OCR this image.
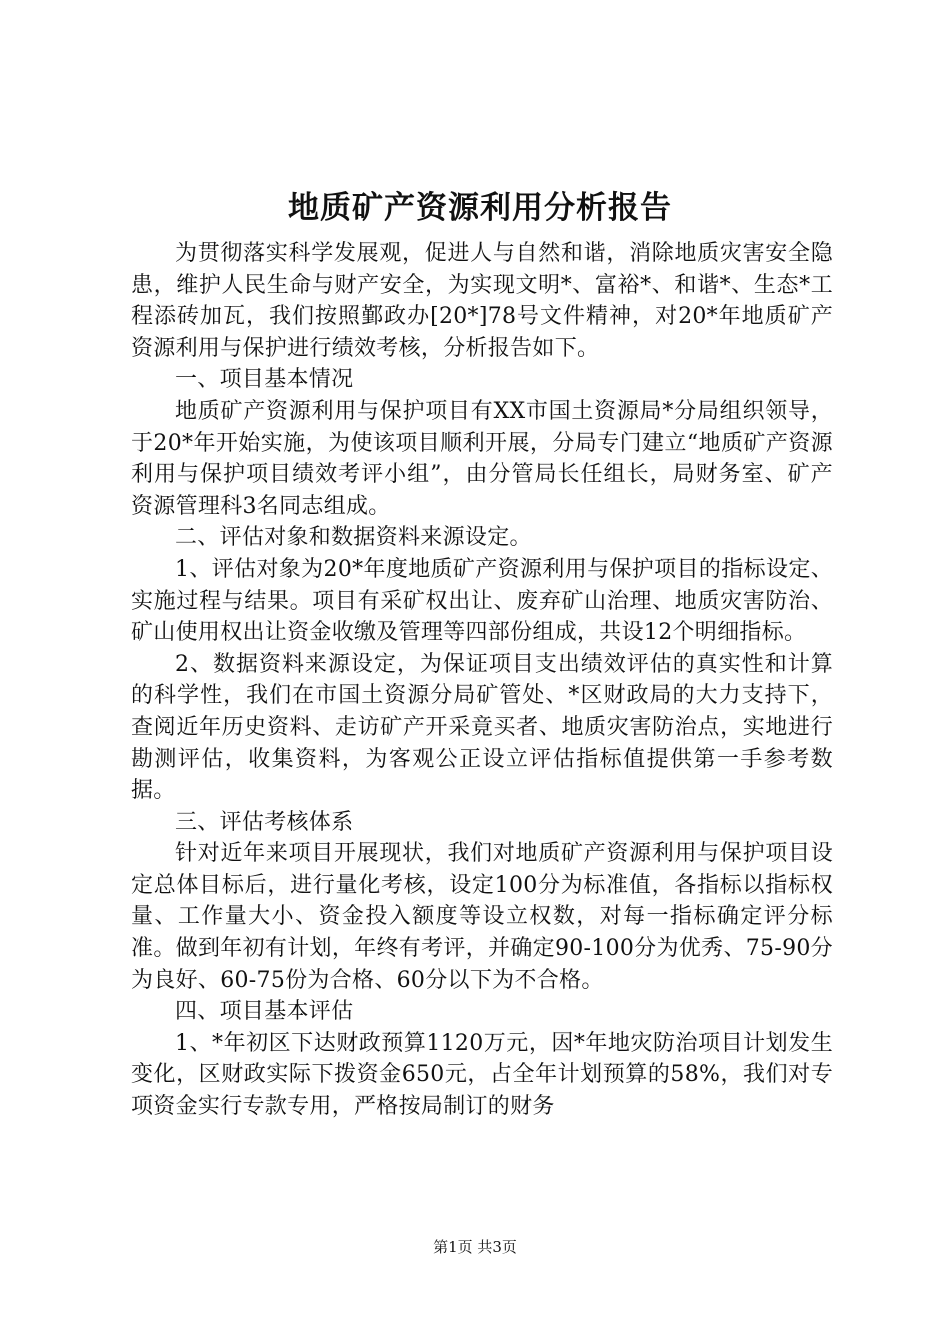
地质矿产资源利用分析报告

为贯彻落实科学发展观，促进人与自然和谐，消除地质灾害安全隐患，维护人民生命与财产安全，为实现文明*、富裕*、和谐*、生态*工程添砖加瓦，我们按照鄞政办[20*]78号文件精神，对20*年地质矿产资源利用与保护进行绩效考核，分析报告如下。

一、项目基本情况

地质矿产资源利用与保护项目有XX市国土资源局*分局组织领导，于20*年开始实施，为使该项目顺利开展，分局专门建立“地质矿产资源利用与保护项目绩效考评小组”，由分管局长任组长，局财务室、矿产资源管理科3名同志组成。

二、评估对象和数据资料来源设定。

1、评估对象为20*年度地质矿产资源利用与保护项目的指标设定、实施过程与结果。项目有采矿权出让、废弃矿山治理、地质灾害防治、矿山使用权出让资金收缴及管理等四部份组成，共设12个明细指标。

2、数据资料来源设定，为保证项目支出绩效评估的真实性和计算的科学性，我们在市国土资源分局矿管处、*区财政局的大力支持下，查阅近年历史资料、走访矿产开采竟买者、地质灾害防治点，实地进行勘测评估，收集资料，为客观公正设立评估指标值提供第一手参考数据。

三、评估考核体系

针对近年来项目开展现状，我们对地质矿产资源利用与保护项目设定总体目标后，进行量化考核，设定100分为标准值，各指标以指标权量、工作量大小、资金投入额度等设立权数，对每一指标确定评分标准。做到年初有计划，年终有考评，并确定90-100分为优秀、75-90分为良好、60-75份为合格、60分以下为不合格。

四、项目基本评估

1、*年初区下达财政预算1120万元，因*年地灾防治项目计划发生变化，区财政实际下拨资金650元，占全年计划预算的58%，我们对专项资金实行专款专用，严格按局制订的财务

第1页 共3页
